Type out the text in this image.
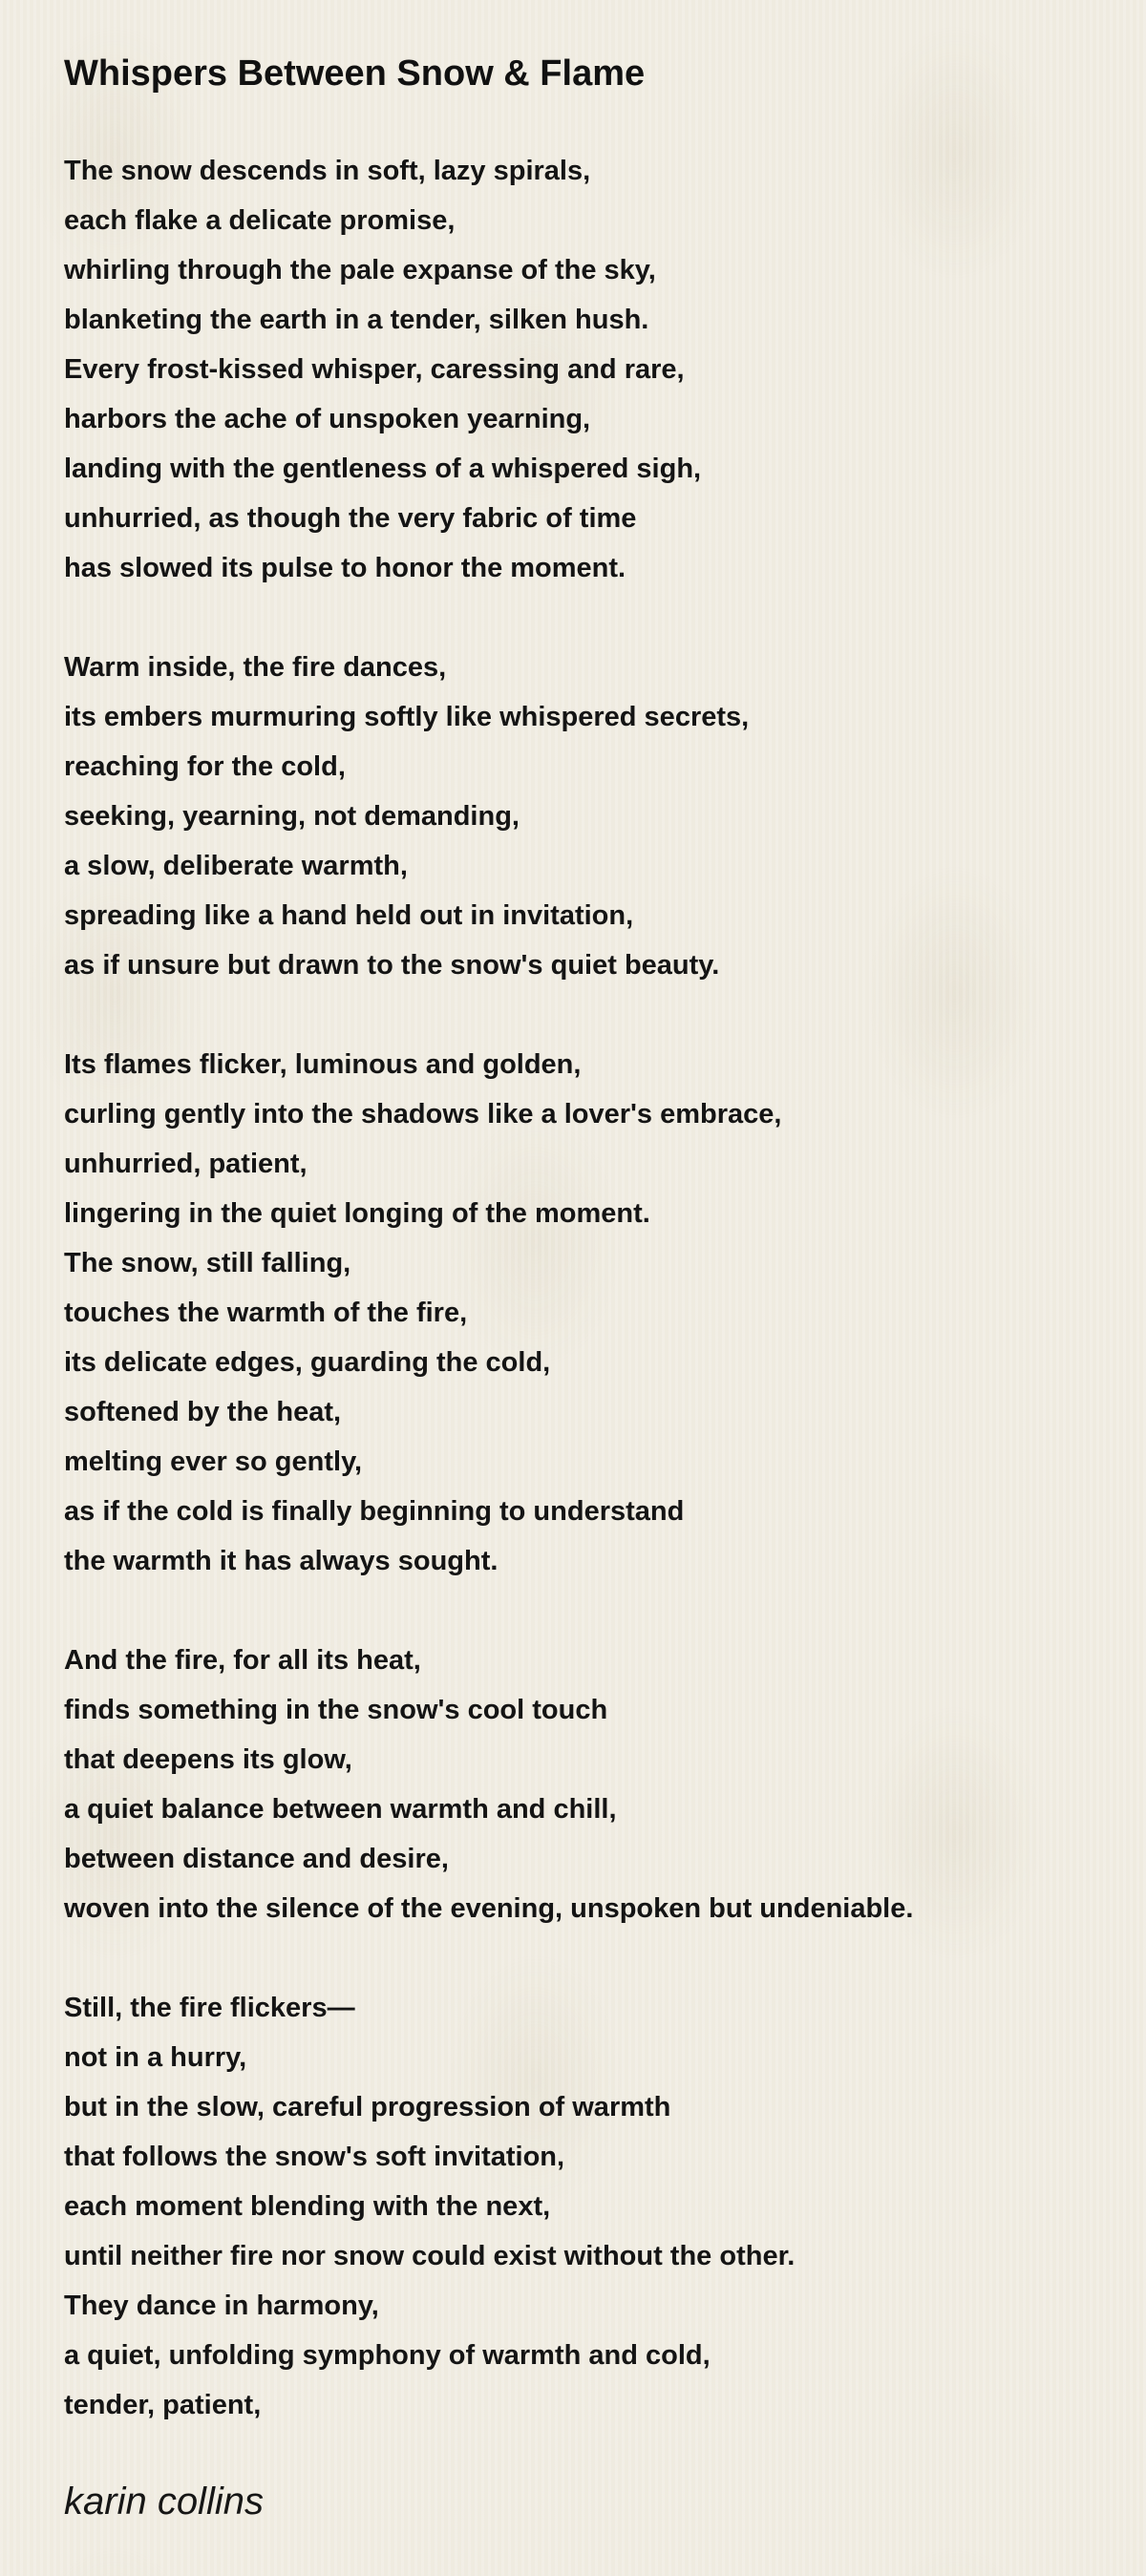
Whispers Between Snow & Flame
The snow descends in soft, lazy spirals,
each flake a delicate promise,
whirling through the pale expanse of the sky,
blanketing the earth in a tender, silken hush.
Every frost-kissed whisper, caressing and rare,
harbors the ache of unspoken yearning,
landing with the gentleness of a whispered sigh,
unhurried, as though the very fabric of time
has slowed its pulse to honor the moment.
Warm inside, the fire dances,
its embers murmuring softly like whispered secrets,
reaching for the cold,
seeking, yearning, not demanding,
a slow, deliberate warmth,
spreading like a hand held out in invitation,
as if unsure but drawn to the snow's quiet beauty.
Its flames flicker, luminous and golden,
curling gently into the shadows like a lover's embrace,
unhurried, patient,
lingering in the quiet longing of the moment.
The snow, still falling,
touches the warmth of the fire,
its delicate edges, guarding the cold,
softened by the heat,
melting ever so gently,
as if the cold is finally beginning to understand
the warmth it has always sought.
And the fire, for all its heat,
finds something in the snow's cool touch
that deepens its glow,
a quiet balance between warmth and chill,
between distance and desire,
woven into the silence of the evening, unspoken but undeniable.
Still, the fire flickers—
not in a hurry,
but in the slow, careful progression of warmth
that follows the snow's soft invitation,
each moment blending with the next,
until neither fire nor snow could exist without the other.
They dance in harmony,
a quiet, unfolding symphony of warmth and cold,
tender, patient,
karin collins
